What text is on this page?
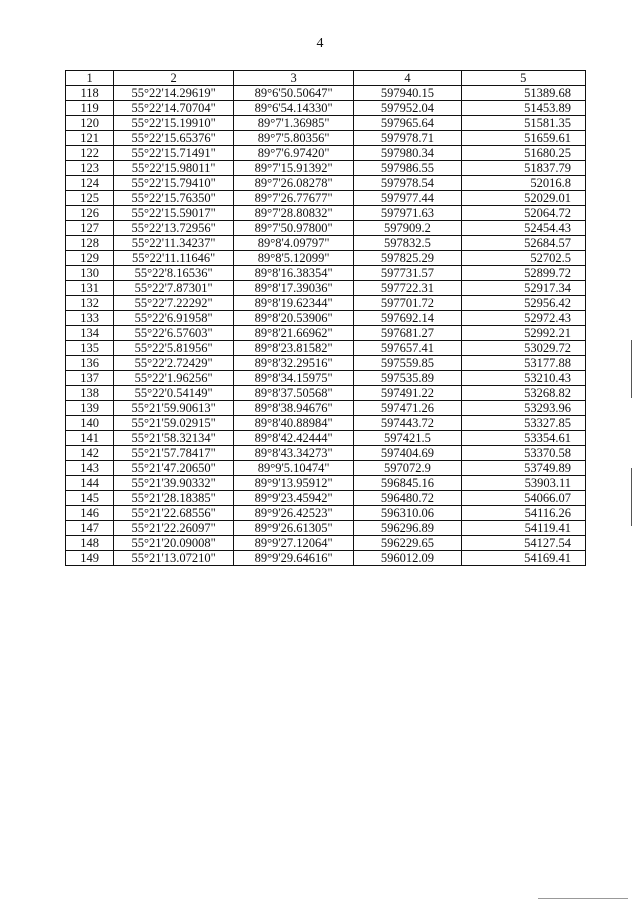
4
1	2	3	4	5
118	55°22'14.29619"	89°6'50.50647"	597940.15	51389.68
119	55°22'14.70704"	89°6'54.14330"	597952.04	51453.89
120	55°22'15.19910"	89°7'1.36985"	597965.64	51581.35
121	55°22'15.65376"	89°7'5.80356"	597978.71	51659.61
122	55°22'15.71491"	89°7'6.97420"	597980.34	51680.25
123	55°22'15.98011"	89°7'15.91392"	597986.55	51837.79
124	55°22'15.79410"	89°7'26.08278"	597978.54	52016.8
125	55°22'15.76350"	89°7'26.77677"	597977.44	52029.01
126	55°22'15.59017"	89°7'28.80832"	597971.63	52064.72
127	55°22'13.72956"	89°7'50.97800"	597909.2	52454.43
128	55°22'11.34237"	89°8'4.09797"	597832.5	52684.57
129	55°22'11.11646"	89°8'5.12099"	597825.29	52702.5
130	55°22'8.16536"	89°8'16.38354"	597731.57	52899.72
131	55°22'7.87301"	89°8'17.39036"	597722.31	52917.34
132	55°22'7.22292"	89°8'19.62344"	597701.72	52956.42
133	55°22'6.91958"	89°8'20.53906"	597692.14	52972.43
134	55°22'6.57603"	89°8'21.66962"	597681.27	52992.21
135	55°22'5.81956"	89°8'23.81582"	597657.41	53029.72
136	55°22'2.72429"	89°8'32.29516"	597559.85	53177.88
137	55°22'1.96256"	89°8'34.15975"	597535.89	53210.43
138	55°22'0.54149"	89°8'37.50568"	597491.22	53268.82
139	55°21'59.90613"	89°8'38.94676"	597471.26	53293.96
140	55°21'59.02915"	89°8'40.88984"	597443.72	53327.85
141	55°21'58.32134"	89°8'42.42444"	597421.5	53354.61
142	55°21'57.78417"	89°8'43.34273"	597404.69	53370.58
143	55°21'47.20650"	89°9'5.10474"	597072.9	53749.89
144	55°21'39.90332"	89°9'13.95912"	596845.16	53903.11
145	55°21'28.18385"	89°9'23.45942"	596480.72	54066.07
146	55°21'22.68556"	89°9'26.42523"	596310.06	54116.26
147	55°21'22.26097"	89°9'26.61305"	596296.89	54119.41
148	55°21'20.09008"	89°9'27.12064"	596229.65	54127.54
149	55°21'13.07210"	89°9'29.64616"	596012.09	54169.41
